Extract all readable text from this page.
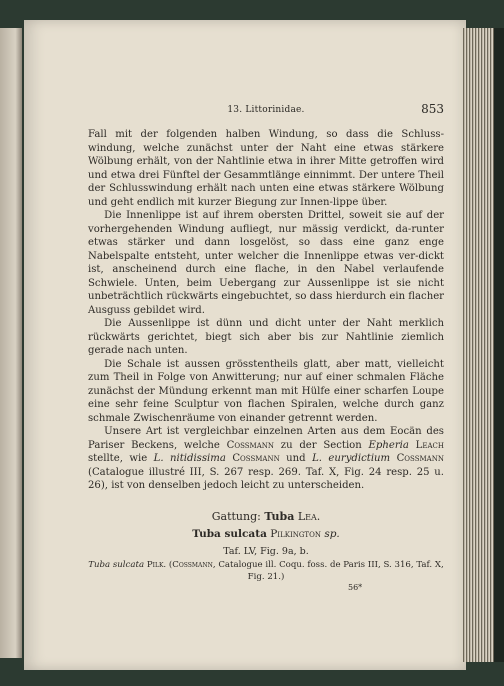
13. Littorinidae.	853

Fall mit der folgenden halben Windung, so dass die Schluss-windung, welche zunächst unter der Naht eine etwas stärkere Wölbung erhält, von der Nahtlinie etwa in ihrer Mitte getroffen wird und etwa drei Fünftel der Gesammtlänge einnimmt. Der untere Theil der Schlusswindung erhält nach unten eine etwas stärkere Wölbung und geht endlich mit kurzer Biegung zur Innen-lippe über.

Die Innenlippe ist auf ihrem obersten Drittel, soweit sie auf der vorhergehenden Windung aufliegt, nur mässig verdickt, da-runter etwas stärker und dann losgelöst, so dass eine ganz enge Nabelspalte entsteht, unter welcher die Innenlippe etwas ver-dickt ist, anscheinend durch eine flache, in den Nabel verlaufende Schwiele. Unten, beim Uebergang zur Aussenlippe ist sie nicht unbeträchtlich rückwärts eingebuchtet, so dass hierdurch ein flacher Ausguss gebildet wird.

Die Aussenlippe ist dünn und dicht unter der Naht merklich rückwärts gerichtet, biegt sich aber bis zur Nahtlinie ziemlich gerade nach unten.

Die Schale ist aussen grösstentheils glatt, aber matt, vielleicht zum Theil in Folge von Anwitterung; nur auf einer schmalen Fläche zunächst der Mündung erkennt man mit Hülfe einer scharfen Loupe eine sehr feine Sculptur von flachen Spiralen, welche durch ganz schmale Zwischenräume von einander getrennt werden.

Unsere Art ist vergleichbar einzelnen Arten aus dem Eocän des Pariser Beckens, welche Cossmann zu der Section Epheria Leach stellte, wie L. nitidissima Cossmann und L. eurydictium Cossmann (Catalogue illustré III, S. 267 resp. 269. Taf. X, Fig. 24 resp. 25 u. 26), ist von denselben jedoch leicht zu unterscheiden.

Gattung: Tuba Lea.
Tuba sulcata Pilkington sp.
Taf. LV, Fig. 9a, b.
Tuba sulcata Pilk. (Cossmann, Catalogue ill. Coqu. foss. de Paris III, S. 316, Taf. X, Fig. 21.)
56*
